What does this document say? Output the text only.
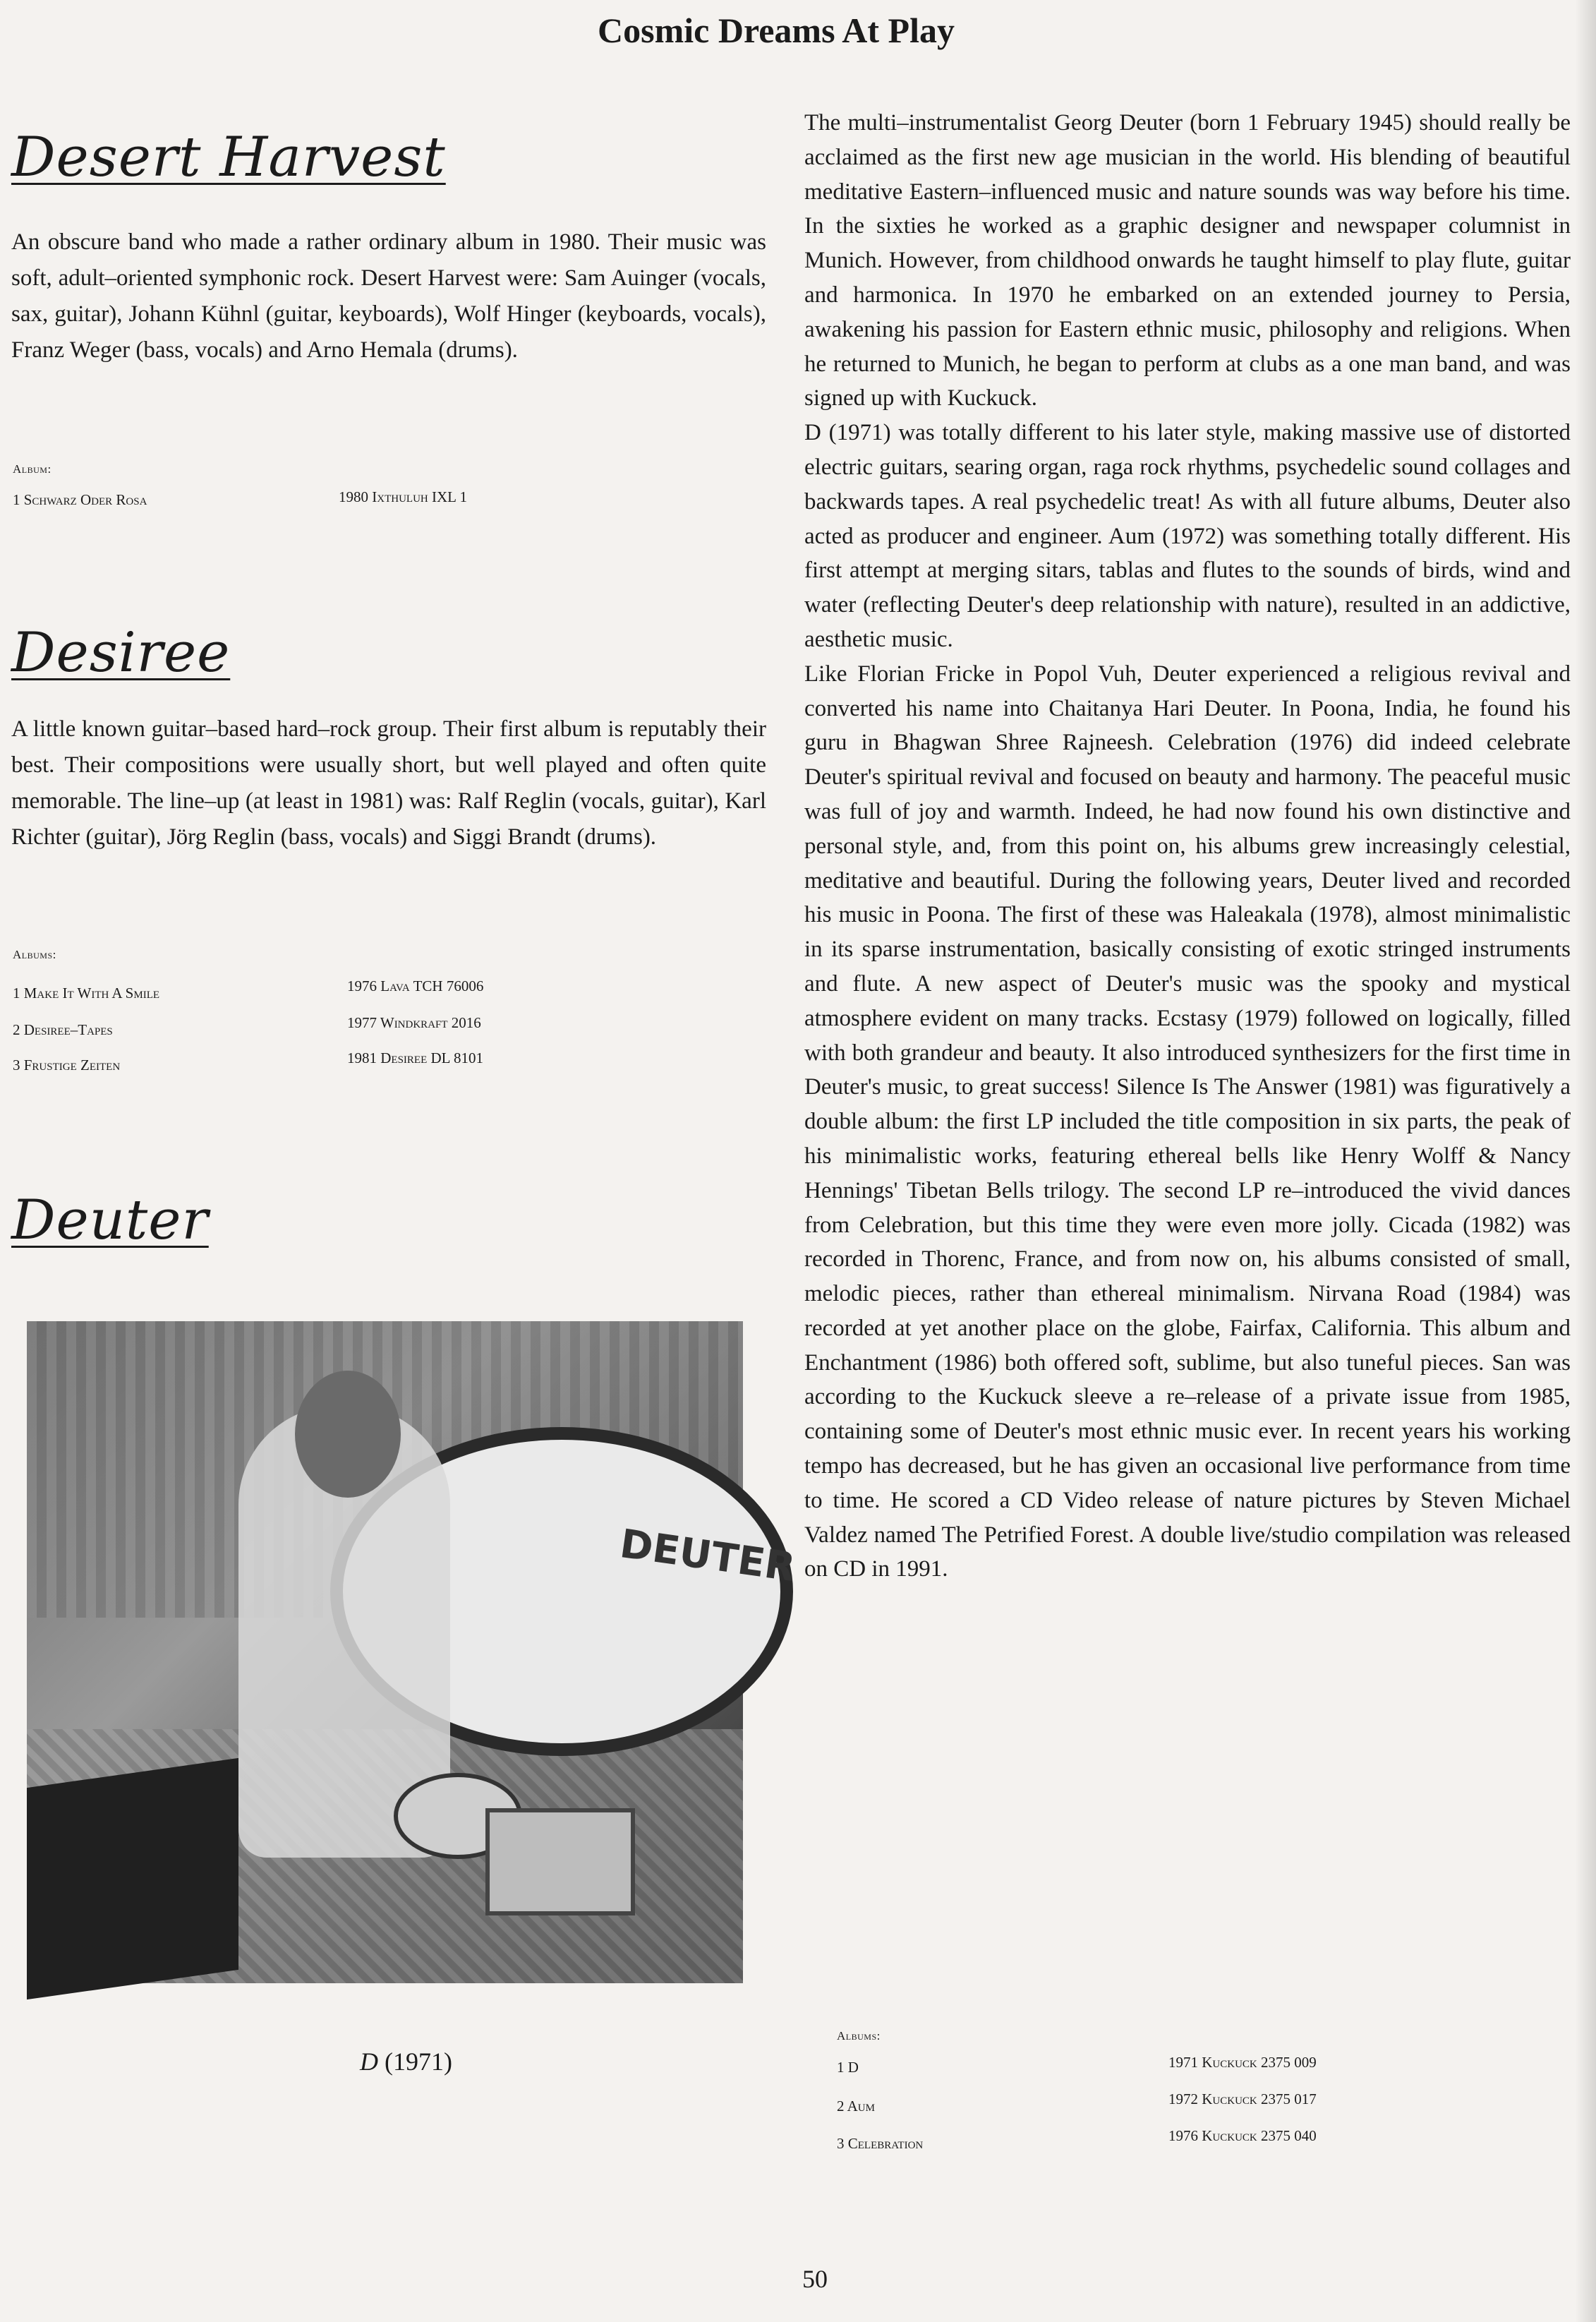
Cosmic Dreams At Play
Desert Harvest

An obscure band who made a rather ordinary album in 1980. Their music was soft, adult–oriented symphonic rock. Desert Harvest were: Sam Auinger (vocals, sax, guitar), Johann Kühnl (guitar, keyboards), Wolf Hinger (keyboards, vocals), Franz Weger (bass, vocals) and Arno Hemala (drums).

Album:
1 Schwarz Oder Rosa	1980 Ixthuluh IXL 1
Desiree

A little known guitar–based hard–rock group. Their first album is reputably their best. Their compositions were usually short, but well played and often quite memorable. The line–up (at least in 1981) was: Ralf Reglin (vocals, guitar), Karl Richter (guitar), Jörg Reglin (bass, vocals) and Siggi Brandt (drums).

Albums:
1 Make It With A Smile	1976 Lava TCH 76006
2 Desiree–Tapes	1977 Windkraft 2016
3 Frustige Zeiten	1981 Desiree DL 8101
Deuter
DEUTER
D (1971)

The multi–instrumentalist Georg Deuter (born 1 February 1945) should really be acclaimed as the first new age musician in the world. His blending of beautiful meditative Eastern–influenced music and nature sounds was way before his time. In the sixties he worked as a graphic designer and newspaper columnist in Munich. However, from childhood onwards he taught himself to play flute, guitar and harmonica. In 1970 he embarked on an extended journey to Persia, awakening his passion for Eastern ethnic music, philosophy and religions. When he returned to Munich, he began to perform at clubs as a one man band, and was signed up with Kuckuck.

D (1971) was totally different to his later style, making massive use of distorted electric guitars, searing organ, raga rock rhythms, psychedelic sound collages and backwards tapes. A real psychedelic treat! As with all future albums, Deuter also acted as producer and engineer. Aum (1972) was something totally different. His first attempt at merging sitars, tablas and flutes to the sounds of birds, wind and water (reflecting Deuter's deep relationship with nature), resulted in an addictive, aesthetic music.

Like Florian Fricke in Popol Vuh, Deuter experienced a religious revival and converted his name into Chaitanya Hari Deuter. In Poona, India, he found his guru in Bhagwan Shree Rajneesh. Celebration (1976) did indeed celebrate Deuter's spiritual revival and focused on beauty and harmony. The peaceful music was full of joy and warmth. Indeed, he had now found his own distinctive and personal style, and, from this point on, his albums grew increasingly celestial, meditative and beautiful. During the following years, Deuter lived and recorded his music in Poona. The first of these was Haleakala (1978), almost minimalistic in its sparse instrumentation, basically consisting of exotic stringed instruments and flute. A new aspect of Deuter's music was the spooky and mystical atmosphere evident on many tracks. Ecstasy (1979) followed on logically, filled with both grandeur and beauty. It also introduced synthesizers for the first time in Deuter's music, to great success! Silence Is The Answer (1981) was figuratively a double album: the first LP included the title composition in six parts, the peak of his minimalistic works, featuring ethereal bells like Henry Wolff & Nancy Hennings' Tibetan Bells trilogy. The second LP re–introduced the vivid dances from Celebration, but this time they were even more jolly. Cicada (1982) was recorded in Thorenc, France, and from now on, his albums consisted of small, melodic pieces, rather than ethereal minimalism. Nirvana Road (1984) was recorded at yet another place on the globe, Fairfax, California. This album and Enchantment (1986) both offered soft, sublime, but also tuneful pieces. San was according to the Kuckuck sleeve a re–release of a private issue from 1985, containing some of Deuter's most ethnic music ever. In recent years his working tempo has decreased, but he has given an occasional live performance from time to time. He scored a CD Video release of nature pictures by Steven Michael Valdez named The Petrified Forest. A double live/studio compilation was released on CD in 1991.

Albums:
1 D	1971 Kuckuck 2375 009
2 Aum	1972 Kuckuck 2375 017
3 Celebration	1976 Kuckuck 2375 040
50
